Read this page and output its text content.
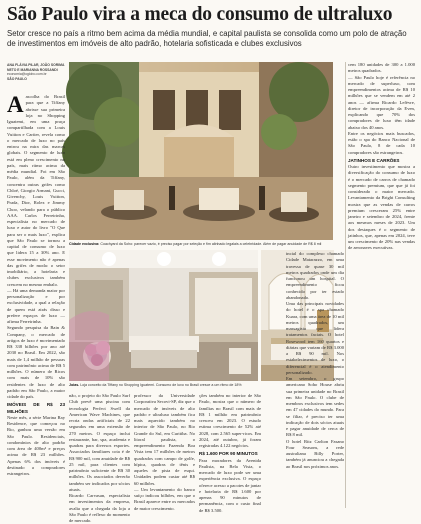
São Paulo vira a meca do consumo de ultraluxo

Setor cresce no país a ritmo bem acima da média mundial, e capital paulista se consolida como um polo de atração de investimentos em imóveis de alto padrão, hotelaria sofisticada e clubes exclusivos

ANA FLÁVIA PILAR, JOÃO SORIMA NETO E MARIANNA ROSSANDI
economia@oglobo.com.br
SÃO PAULO
Cidade exclusiva: Coachyard da Soho: parecer vazio, é preciso pagar por seleção e fim alinhado legalais a celebridade. Além de pagar anuidade de R$ 8 mil
Joias. Loja conceito da Tiffany no Shopping Iguatemi. Consumo de luxo no Brasil cresce a um ritmo de 18%
A ascolha do Brasil para que a Tiffany abrisse sua primeira loja no Shopping Iguatemi, em uma praça compartilhada com a Louis Vuitton e Cartier, revela como o mercado de luxo no país entrou na mira das marcas globais. O segmento de luxo está em pleno crescimento no país, mais ritmo acima da média mundial. Foi em São Paulo, além da Tiffany, concentra outras grifes como Chloé, Giorgio Armani, Gucci, Givenchy, Louis Vuitton, Prada, Dior, Rolex e Jimmy Choo, velando para o público AAA. Carlos Ferreirinha, especialista no mercado de luxo e autor do livro "O Que para ser o mais luxo", explica que São Paulo se tornou a capital de consumo de luxo que lidera 15 a 30% ano. E esse movimento não é apenas das grifes de moda: o setor imobiliário, a hotelaria e clubes exclusivos também crescem no mesmo embalo.

— Há uma demanda maior por personalização e por exclusividade, a qual a relação de quem está atrás disso e prefere espaços de luxo — afirma Ferreirinha.

Segundo pesquisa da Bain & Company, o mercado de artigos de luxo é movimentado R$ 338 bilhões por ano até 2030 no Brasil. Em 2022, são mais de 1,4 milhão de pessoas com patrimônio acima de R$ 5 milhões. O número de Ricos com mais de 10% são residentes de luxo de alto padrão em São Paulo, a maior cidade do país.

IMÓVEIS DE R$ 23 MILHÕES

Neste mês, a série Marina Ray Residence, que começou no Rio, ganhou uma versão em São Paulo. Residenciais, condomínios de alto padrão com área de 400m² e preços acima de R$ 23 milhões. Apenas 6% dos imóveis é destinado a compradores estrangeiros.

não, o projeto do São Paulo Surf Club prevê uma piscina com tecnologia Perfect Swell da American Wave Machines, que recria ondas artificiais de 22 segundos em uma extensão de 270 metros. O espaço inclui restaurante, bar, spa, academia e quadras para diversos esportes. Associados familiares cota é de R$ 900 mil, com anuidade de R$ 25 mil, para clientes com patrimônio suficiente de R$ 30 milhões. Os associados deverão também ser indicados por sócios atuais.

Ricardo Carvasan, especialista em investimentos da empresa, avalia que a chegada da loja a São Paulo é reflexo do momento de mercado.

professor da Universidade Corporativa Secovi-SP, diz que o mercado de imóveis de alto padrão e ultraluxo também fica mais aquecido também no interior de São Paulo, no Rio Grande do Sul, em Curitiba. No litoral paulista, o empreendimento Fazenda Boa Vista tem 17 milhões de metros quadrados com campo de golfe, hípica, quadras de tênis e aqueles de pista de esqui. Unidades podem custar até R$ 60 milhões.

— Um levantamento do banco suíço indicou bilhões, em que o Brasil aparece entre os mercados de maior crescimento.

ções também no interior de São Paulo, mostra que o número de famílias no Brasil com mais de R$ 1 milhão em patrimônio cresceu em 2023. O estudo estima crescimento de 52% até 2028, com 2.565 super-ricos. Em 2024, até outubro, já foram registradas 4.122 negócios.

R$ 1.600 POR 90 MINUTOS

Para moradores da Avenida Paulista, na Bela Vista, o mercado de luxo pode ser uma experiência exclusiva. O espaço oferece acesso a pacotes de jantar e hotelaria de R$ 1.600 por apenas 90 minutos de permanência, com o custo final de R$ 3.500.

incial do complexo chamado Cidade Matarazzo, em uma travessa de quase 30 mil metros quadrados onde um dia funcionou um hospital. O empreendimento ficou conhecido por ter estado abandonado.

Uma das principais novidades do hotel é o spa chamado Kuara, com uma área de 10 mil metros quadrados, um massagista que lidera tratamentos faciais. O hotel Rosewood tem 160 quartos e diárias que variam de R$ 3.000 a R$ 90 mil. Nos estabelecimentos de luxo, o diferencial é o atendimento personalizado.

Em setembro, o grupo americano Soho House abriu sua primeira unidade no Brasil em São Paulo. O clube de membros exclusivos tem sedes em 47 cidades do mundo. Para se filiar, é preciso ter uma indicação de dois sócios atuais e pagar anuidade de cerca de R$ 8 mil.

O hotel Ritz Carlton Fasano Four Seasons, a rede australiana Billy Porter, também já anunciou a chegada ao Brasil nos próximos anos.

cem 180 unidades de 300 a 1.000 metros quadrados.

— São Paulo hoje é referência no mercado de superluxo, com empreendimentos acima de R$ 10 milhões que se vendem em até 2 anos — afirma Ricardo Lefèvre, diretor de incorporação da Even, explicando que 70% dos compradores de luxo têm idade abaixo dos 40 anos.

Entre os negócios mais buscados, estão o spa do Banco Nacional de São Paulo, 8 de cada 10 compradores são estrangeiros.

JATINHOS E CARRÕES

Outro investimento que mostra a diversificação do consumo de luxo é o mercado de carros de chamado segmento premium, que que já foi considerado o maior mercado. Levantamento da Bright Consulting mostra que as vendas de carros premium cresceram 25% entre janeiro e setembro de 2024, frente aos mesmos meses de 2023. Um dos destaques é o segmento de jatinhos, que, apenas em 2024, teve um crescimento de 20% nas vendas de aeronaves executivas.
